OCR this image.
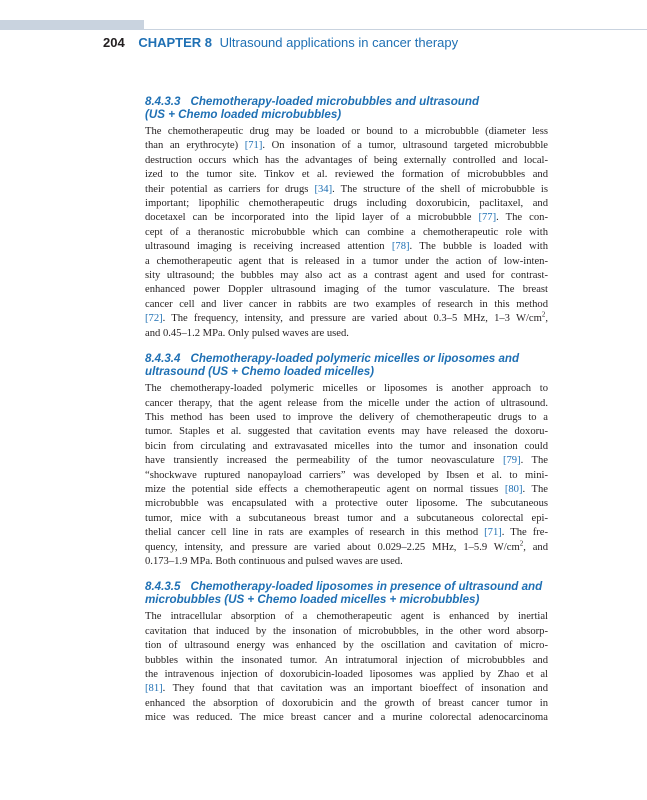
204 CHAPTER 8 Ultrasound applications in cancer therapy
8.4.3.3 Chemotherapy-loaded microbubbles and ultrasound
(US + Chemo loaded microbubbles)

The chemotherapeutic drug may be loaded or bound to a microbubble (diameter less
than an erythrocyte) [71]. On insonation of a tumor, ultrasound targeted microbubble
destruction occurs which has the advantages of being externally controlled and local-
ized to the tumor site. Tinkov et al. reviewed the formation of microbubbles and
their potential as carriers for drugs [34]. The structure of the shell of microbubble is
important; lipophilic chemotherapeutic drugs including doxorubicin, paclitaxel, and
docetaxel can be incorporated into the lipid layer of a microbubble [77]. The con-
cept of a theranostic microbubble which can combine a chemotherapeutic role with
ultrasound imaging is receiving increased attention [78]. The bubble is loaded with
a chemotherapeutic agent that is released in a tumor under the action of low-inten-
sity ultrasound; the bubbles may also act as a contrast agent and used for contrast-
enhanced power Doppler ultrasound imaging of the tumor vasculature. The breast
cancer cell and liver cancer in rabbits are two examples of research in this method
[72]. The frequency, intensity, and pressure are varied about 0.3–5 MHz, 1–3 $W/cm^2$,
and 0.45–1.2 MPa. Only pulsed waves are used.

8.4.3.4 Chemotherapy-loaded polymeric micelles or liposomes and
ultrasound (US + Chemo loaded micelles)

The chemotherapy-loaded polymeric micelles or liposomes is another approach to
cancer therapy, that the agent release from the micelle under the action of ultrasound.
This method has been used to improve the delivery of chemotherapeutic drugs to a
tumor. Staples et al. suggested that cavitation events may have released the doxoru-
bicin from circulating and extravasated micelles into the tumor and insonation could
have transiently increased the permeability of the tumor neovasculature [79]. The
“shockwave ruptured nanopayload carriers” was developed by Ibsen et al. to mini-
mize the potential side effects a chemotherapeutic agent on normal tissues [80]. The
microbubble was encapsulated with a protective outer liposome. The subcutaneous
tumor, mice with a subcutaneous breast tumor and a subcutaneous colorectal epi-
thelial cancer cell line in rats are examples of research in this method [71]. The fre-
quency, intensity, and pressure are varied about 0.029–2.25 MHz, 1–5.9 $W/cm^2$, and
0.173–1.9 MPa. Both continuous and pulsed waves are used.

8.4.3.5 Chemotherapy-loaded liposomes in presence of ultrasound and
microbubbles (US + Chemo loaded micelles + microbubbles)

The intracellular absorption of a chemotherapeutic agent is enhanced by inertial
cavitation that induced by the insonation of microbubbles, in the other word absorp-
tion of ultrasound energy was enhanced by the oscillation and cavitation of micro-
bubbles within the insonated tumor. An intratumoral injection of microbubbles and
the intravenous injection of doxorubicin-loaded liposomes was applied by Zhao et al
[81]. They found that that cavitation was an important bioeffect of insonation and
enhanced the absorption of doxorubicin and the growth of breast cancer tumor in
mice was reduced. The mice breast cancer and a murine colorectal adenocarcinoma
